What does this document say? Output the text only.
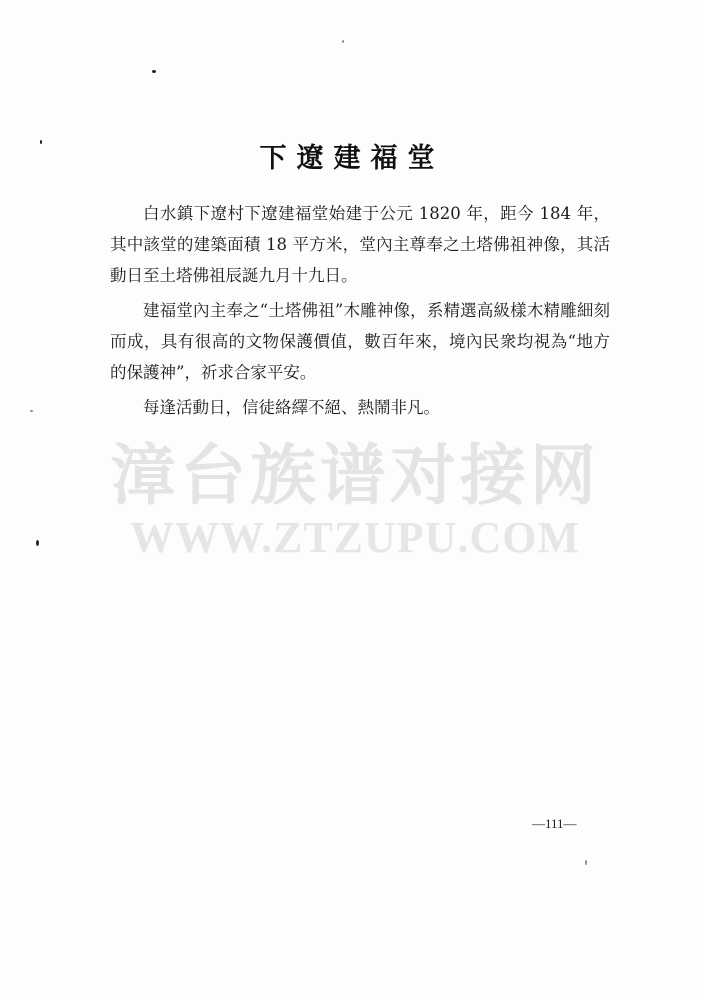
下遼建福堂

白水鎮下遼村下遼建福堂始建于公元 1820 年，距今 184 年，其中該堂的建築面積 18 平方米，堂內主尊奉之土塔佛祖神像，其活動日至土塔佛祖辰誕九月十九日。

建福堂內主奉之“土塔佛祖”木雕神像，系精選高級樣木精雕細刻而成，具有很高的文物保護價值，數百年來，境內民衆均視為“地方的保護神”，祈求合家平安。

每逢活動日，信徒絡繹不絕、熱鬧非凡。

漳台族谱对接网
WWW.ZTZUPU.COM
—111—
